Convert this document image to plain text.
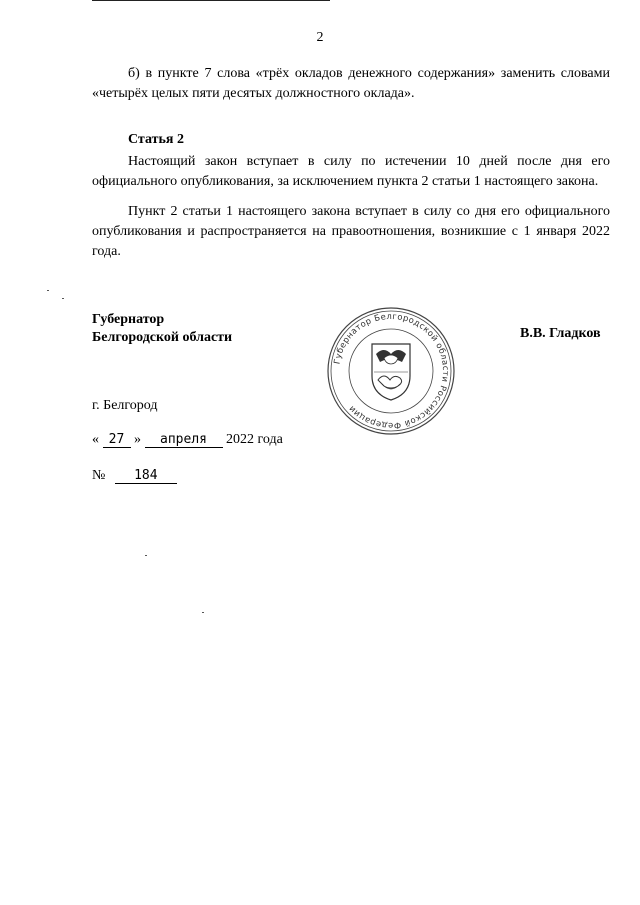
2

б) в пункте 7 слова «трёх окладов денежного содержания» заменить словами «четырёх целых пяти десятых должностного оклада».

Статья 2

Настоящий закон вступает в силу по истечении 10 дней после дня его официального опубликования, за исключением пункта 2 статьи 1 настоящего закона.

Пункт 2 статьи 1 настоящего закона вступает в силу со дня его официального опубликования и распространяется на правоотношения, возникшие с 1 января 2022 года.

Губернатор

Белгородской области

Губернатор Белгородской области Российской Федерации
В.В. Гладков
г. Белгород
« 27 » апреля 2022 года
№ 184
